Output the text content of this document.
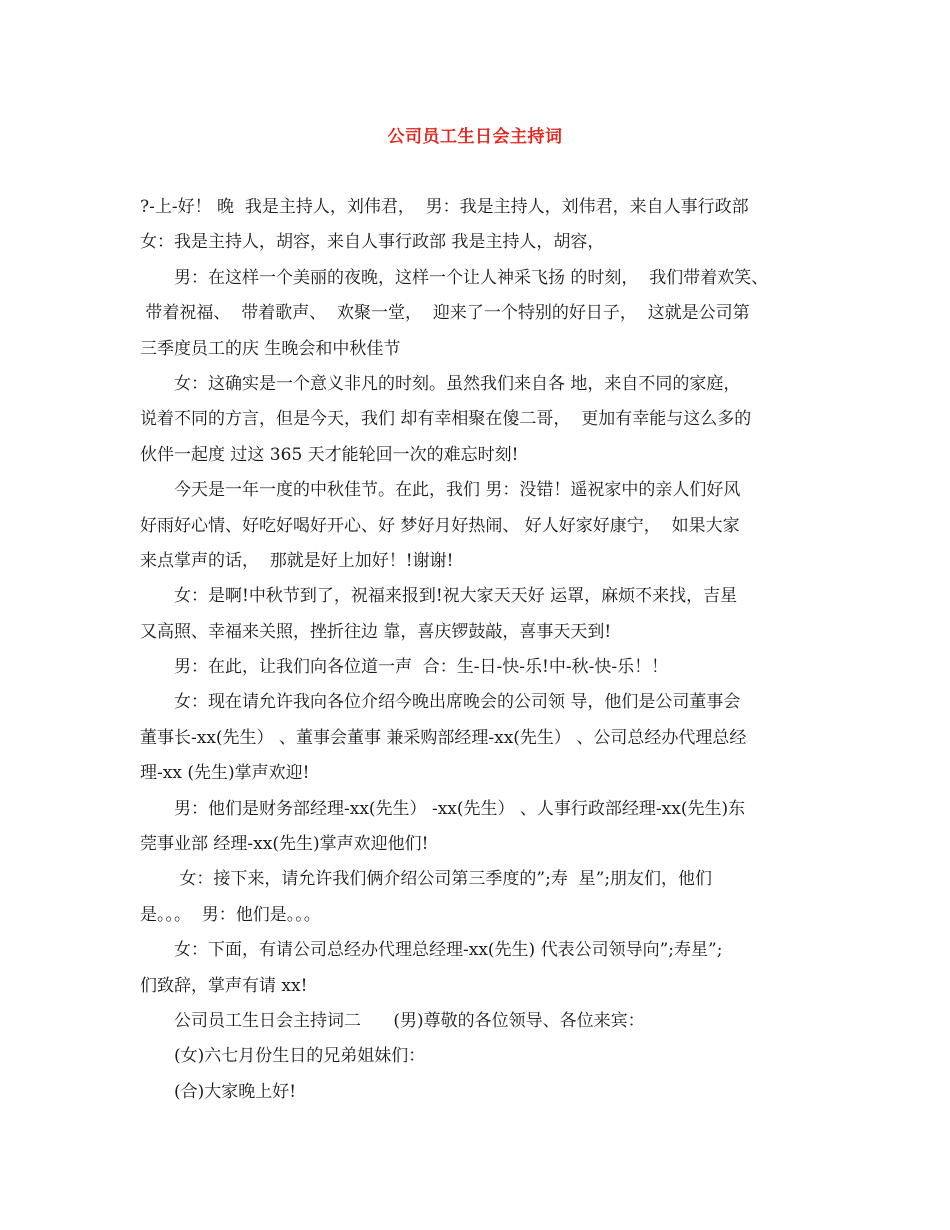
公司员工生日会主持词
?-上-好！ 晚  我是主持人，刘伟君，  男：我是主持人，刘伟君，来自人事行政部
女：我是主持人，胡容，来自人事行政部 我是主持人，胡容，
男：在这样一个美丽的夜晚，这样一个让人神采飞扬 的时刻，  我们带着欢笑、
带着祝福、  带着歌声、  欢聚一堂，  迎来了一个特别的好日子，  这就是公司第
三季度员工的庆 生晚会和中秋佳节
女：这确实是一个意义非凡的时刻。虽然我们来自各 地，来自不同的家庭，
说着不同的方言，但是今天，我们 却有幸相聚在傻二哥，  更加有幸能与这么多的
伙伴一起度 过这 365 天才能轮回一次的难忘时刻!
今天是一年一度的中秋佳节。在此，我们 男：没错！遥祝家中的亲人们好风
好雨好心情、好吃好喝好开心、好 梦好月好热闹、 好人好家好康宁，  如果大家
来点掌声的话，  那就是好上加好！!谢谢!
女：是啊!中秋节到了，祝福来报到!祝大家天天好 运罩，麻烦不来找，吉星
又高照、幸福来关照，挫折往边 靠，喜庆锣鼓敲，喜事天天到!
男：在此，让我们向各位道一声  合：生-日-快-乐!中-秋-快-乐！！
女：现在请允许我向各位介绍今晚出席晚会的公司领 导，他们是公司董事会
董事长-xx(先生） 、董事会董事 兼采购部经理-xx(先生） 、公司总经办代理总经
理-xx (先生)掌声欢迎!
男：他们是财务部经理-xx(先生） -xx(先生） 、人事行政部经理-xx(先生)东
莞事业部 经理-xx(先生)掌声欢迎他们!
女：接下来，请允许我们俩介绍公司第三季度的”;寿  星”;朋友们，他们
是。。。  男：他们是。。。
女：下面，有请公司总经办代理总经理-xx(先生) 代表公司领导向”;寿星”;
们致辞，掌声有请 xx!
公司员工生日会主持词二      (男)尊敬的各位领导、各位来宾：
(女)六七月份生日的兄弟姐妹们：
(合)大家晚上好!
